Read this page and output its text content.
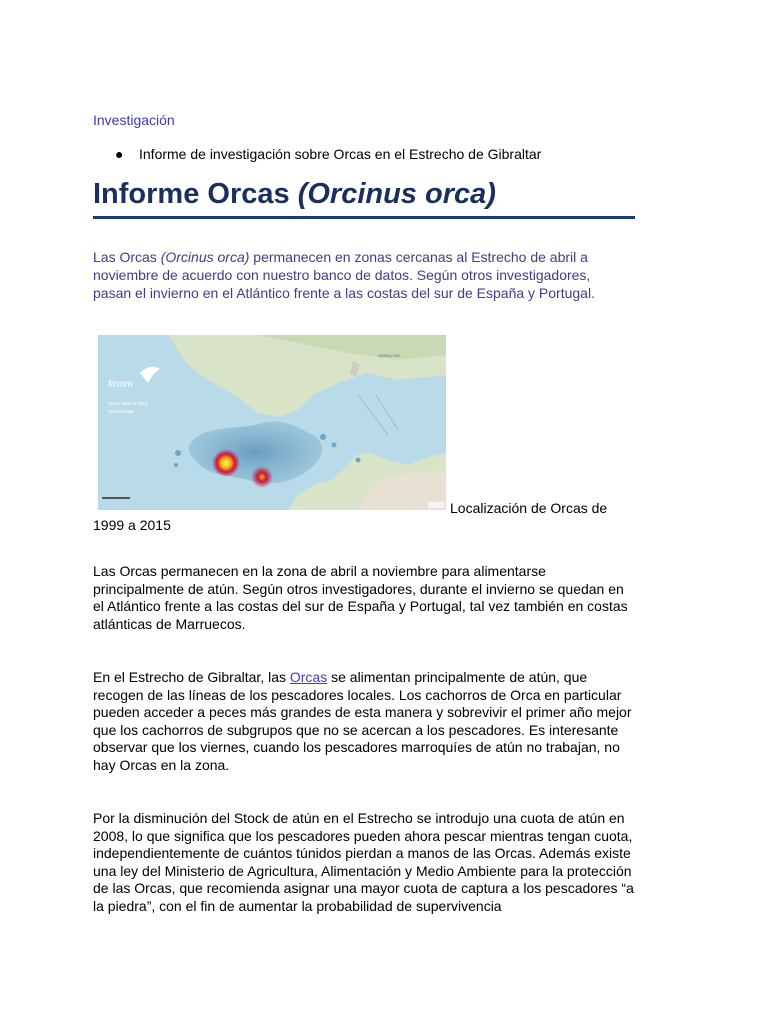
Investigación
● Informe de investigación sobre Orcas en el Estrecho de Gibraltar
Informe Orcas (Orcinus orca)

Las Orcas (Orcinus orca) permanecen en zonas cercanas al Estrecho de abril a noviembre de acuerdo con nuestro banco de datos. Según otros investigadores, pasan el invierno en el Atlántico frente a las costas del sur de España y Portugal.

firmm
Orcas 1999 to 2015
Schwertwale
GIBRALTAR

Localización de Orcas de 1999 a 2015

Las Orcas permanecen en la zona de abril a noviembre para alimentarse principalmente de atún. Según otros investigadores, durante el invierno se quedan en el Atlántico frente a las costas del sur de España y Portugal, tal vez también en costas atlánticas de Marruecos.

En el Estrecho de Gibraltar, las Orcas se alimentan principalmente de atún, que recogen de las líneas de los pescadores locales. Los cachorros de Orca en particular pueden acceder a peces más grandes de esta manera y sobrevivir el primer año mejor que los cachorros de subgrupos que no se acercan a los pescadores. Es interesante observar que los viernes, cuando los pescadores marroquíes de atún no trabajan, no hay Orcas en la zona.

Por la disminución del Stock de atún en el Estrecho se introdujo una cuota de atún en 2008, lo que significa que los pescadores pueden ahora pescar mientras tengan cuota, independientemente de cuántos túnidos pierdan a manos de las Orcas. Además existe una ley del Ministerio de Agricultura, Alimentación y Medio Ambiente para la protección de las Orcas, que recomienda asignar una mayor cuota de captura a los pescadores “a la piedra”, con el fin de aumentar la probabilidad de supervivencia
